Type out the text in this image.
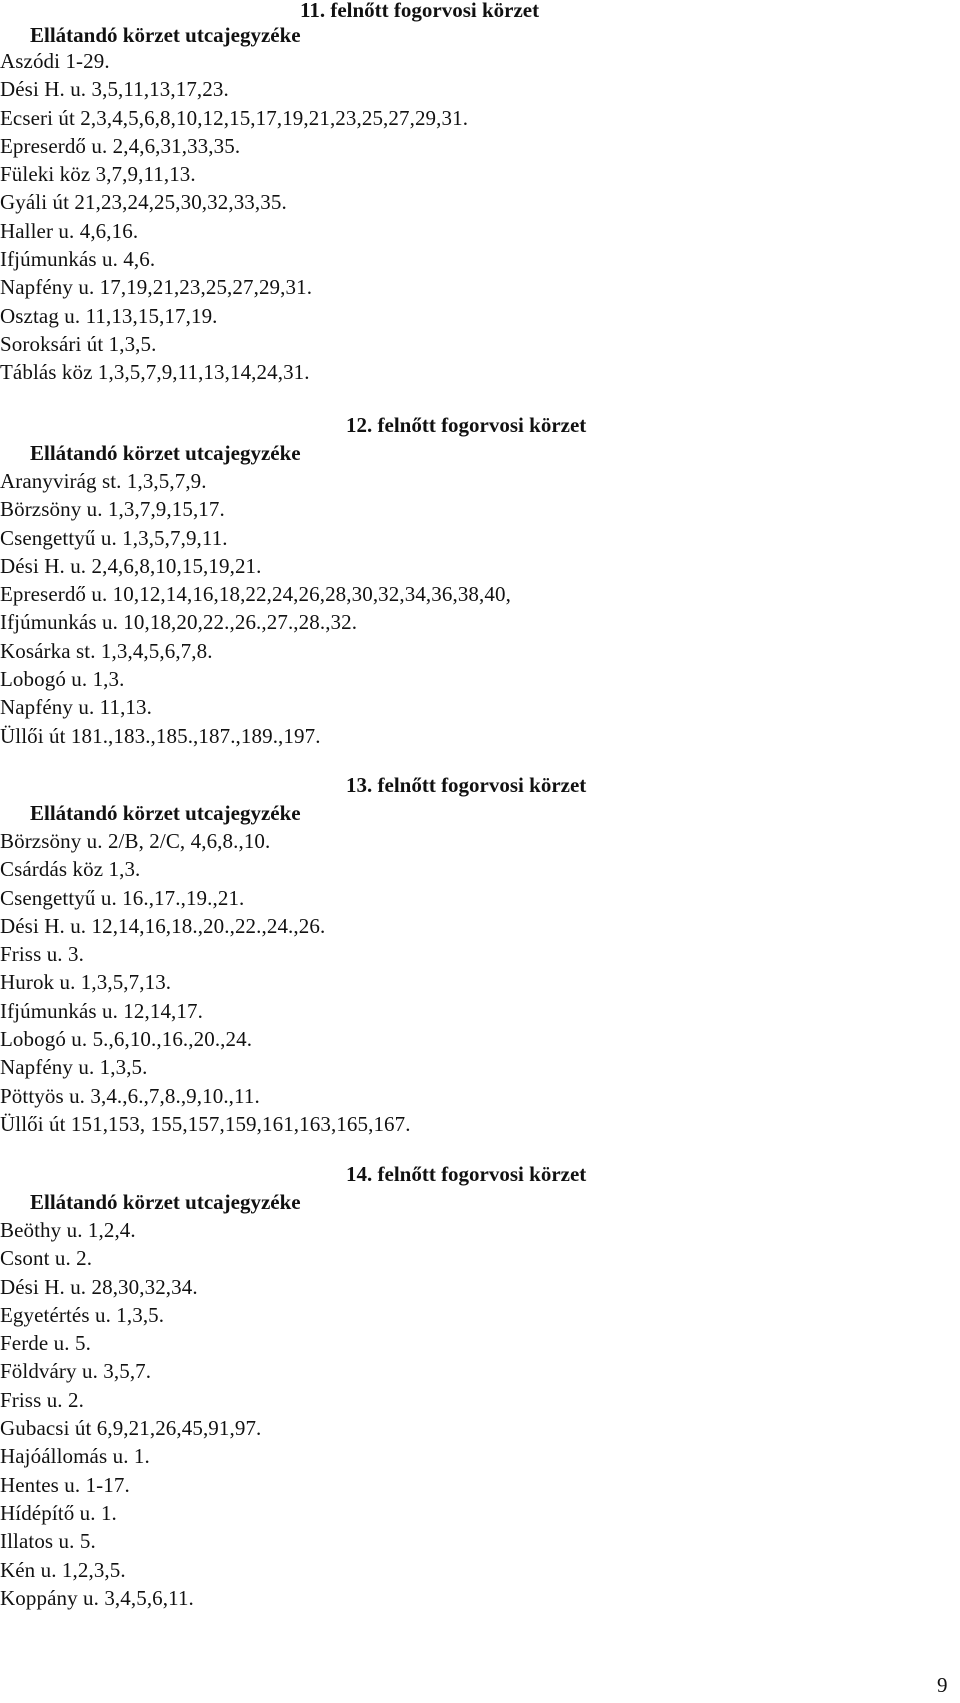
11. felnőtt fogorvosi körzet
Ellátandó körzet utcajegyzéke
Aszódi 1-29.
Dési H. u. 3,5,11,13,17,23.
Ecseri út 2,3,4,5,6,8,10,12,15,17,19,21,23,25,27,29,31.
Epreserdő u. 2,4,6,31,33,35.
Füleki köz 3,7,9,11,13.
Gyáli út 21,23,24,25,30,32,33,35.
Haller u. 4,6,16.
Ifjúmunkás u. 4,6.
Napfény u. 17,19,21,23,25,27,29,31.
Osztag u. 11,13,15,17,19.
Soroksári út 1,3,5.
Táblás köz 1,3,5,7,9,11,13,14,24,31.
12. felnőtt fogorvosi körzet
Ellátandó körzet utcajegyzéke
Aranyvirág st. 1,3,5,7,9.
Börzsöny u. 1,3,7,9,15,17.
Csengettyű u. 1,3,5,7,9,11.
Dési H. u. 2,4,6,8,10,15,19,21.
Epreserdő u. 10,12,14,16,18,22,24,26,28,30,32,34,36,38,40,
Ifjúmunkás u. 10,18,20,22.,26.,27.,28.,32.
Kosárka st. 1,3,4,5,6,7,8.
Lobogó u. 1,3.
Napfény u. 11,13.
Üllői út 181.,183.,185.,187.,189.,197.
13. felnőtt fogorvosi körzet
Ellátandó körzet utcajegyzéke
Börzsöny u. 2/B, 2/C, 4,6,8.,10.
Csárdás köz 1,3.
Csengettyű u. 16.,17.,19.,21.
Dési H. u. 12,14,16,18.,20.,22.,24.,26.
Friss u. 3.
Hurok u. 1,3,5,7,13.
Ifjúmunkás u. 12,14,17.
Lobogó u. 5.,6,10.,16.,20.,24.
Napfény u. 1,3,5.
Pöttyös u. 3,4.,6.,7,8.,9,10.,11.
Üllői út 151,153, 155,157,159,161,163,165,167.
14. felnőtt fogorvosi körzet
Ellátandó körzet utcajegyzéke
Beöthy u. 1,2,4.
Csont u. 2.
Dési H. u. 28,30,32,34.
Egyetértés u. 1,3,5.
Ferde u. 5.
Földváry u. 3,5,7.
Friss u. 2.
Gubacsi út 6,9,21,26,45,91,97.
Hajóállomás u. 1.
Hentes u. 1-17.
Hídépítő u. 1.
Illatos u. 5.
Kén u. 1,2,3,5.
Koppány u. 3,4,5,6,11.
9
